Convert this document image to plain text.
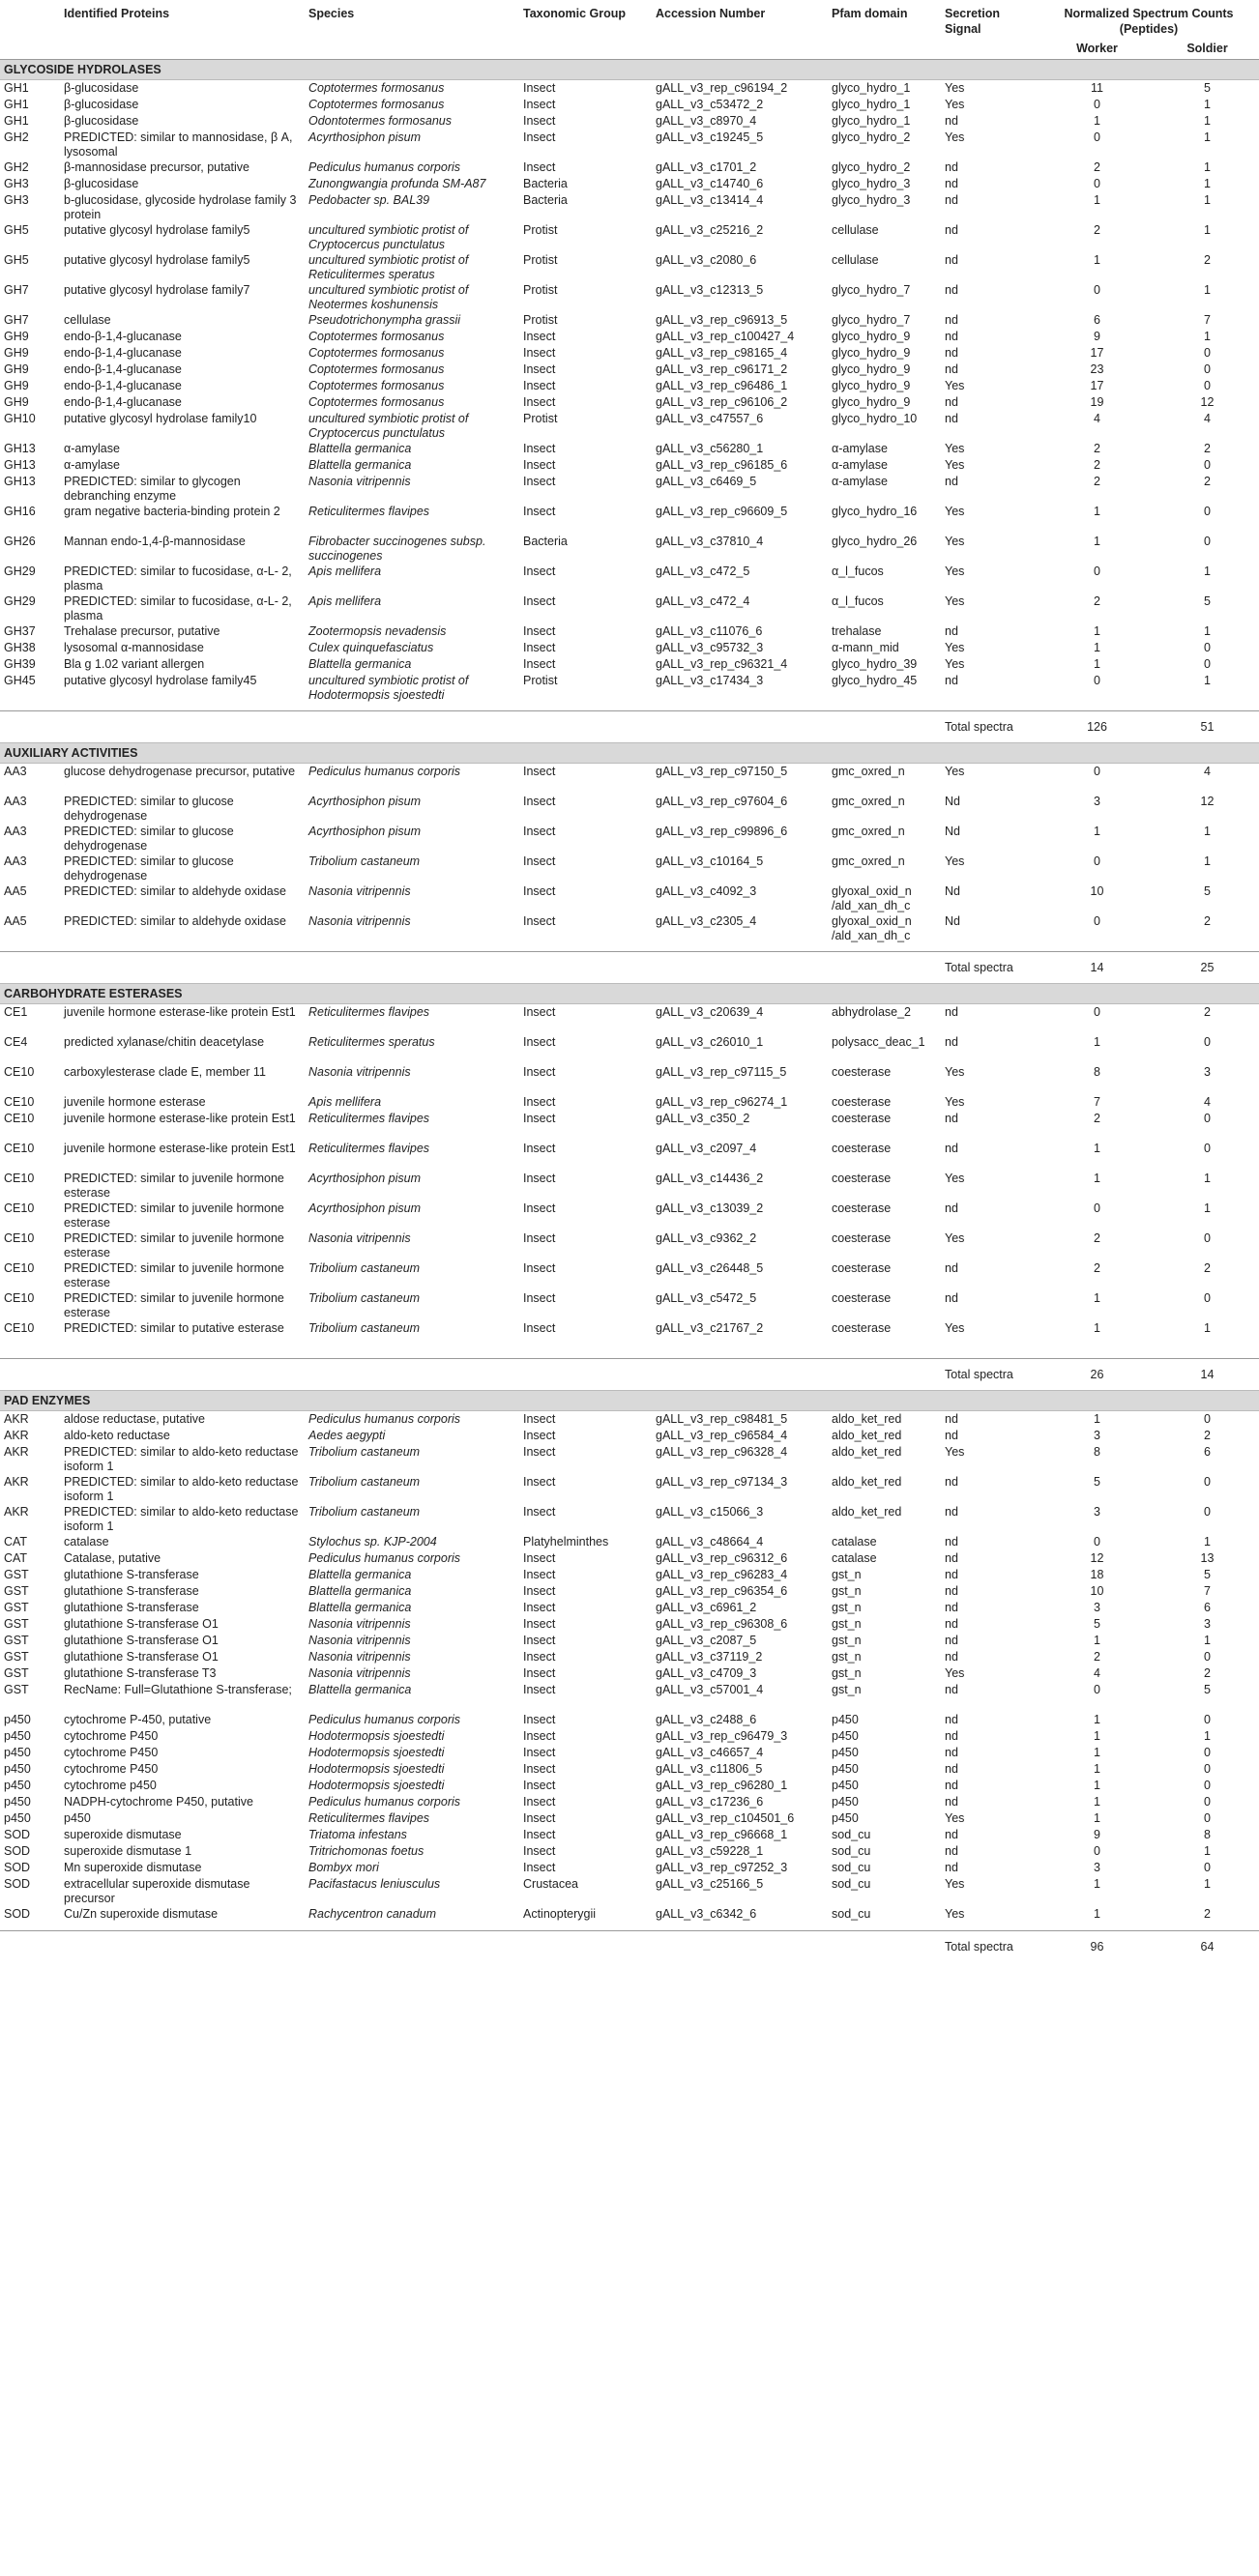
	Identified Proteins	Species	Taxonomic Group	Accession Number	Pfam domain	Secretion Signal	Normalized Spectrum Counts (Peptides)	
							Worker	Soldier
GLYCOSIDE HYDROLASES								
GH1	β-glucosidase	Coptotermes formosanus	Insect	gALL_v3_rep_c96194_2	glyco_hydro_1	Yes	11	5
GH1	β-glucosidase	Coptotermes formosanus	Insect	gALL_v3_c53472_2	glyco_hydro_1	Yes	0	1
GH1	β-glucosidase	Odontotermes formosanus	Insect	gALL_v3_c8970_4	glyco_hydro_1	nd	1	1
GH2	PREDICTED: similar to mannosidase, β A, lysosomal	Acyrthosiphon pisum	Insect	gALL_v3_c19245_5	glyco_hydro_2	Yes	0	1
GH2	β-mannosidase precursor, putative	Pediculus humanus corporis	Insect	gALL_v3_c1701_2	glyco_hydro_2	nd	2	1
GH3	β-glucosidase	Zunongwangia profunda SM-A87	Bacteria	gALL_v3_c14740_6	glyco_hydro_3	nd	0	1
GH3	b-glucosidase, glycoside hydrolase family 3 protein	Pedobacter sp. BAL39	Bacteria	gALL_v3_c13414_4	glyco_hydro_3	nd	1	1
GH5	putative glycosyl hydrolase family5	uncultured symbiotic protist of Cryptocercus punctulatus	Protist	gALL_v3_c25216_2	cellulase	nd	2	1
GH5	putative glycosyl hydrolase family5	uncultured symbiotic protist of Reticulitermes speratus	Protist	gALL_v3_c2080_6	cellulase	nd	1	2
GH7	putative glycosyl hydrolase family7	uncultured symbiotic protist of Neotermes koshunensis	Protist	gALL_v3_c12313_5	glyco_hydro_7	nd	0	1
GH7	cellulase	Pseudotrichonympha grassii	Protist	gALL_v3_rep_c96913_5	glyco_hydro_7	nd	6	7
GH9	endo-β-1,4-glucanase	Coptotermes formosanus	Insect	gALL_v3_rep_c100427_4	glyco_hydro_9	nd	9	1
GH9	endo-β-1,4-glucanase	Coptotermes formosanus	Insect	gALL_v3_rep_c98165_4	glyco_hydro_9	nd	17	0
GH9	endo-β-1,4-glucanase	Coptotermes formosanus	Insect	gALL_v3_rep_c96171_2	glyco_hydro_9	nd	23	0
GH9	endo-β-1,4-glucanase	Coptotermes formosanus	Insect	gALL_v3_rep_c96486_1	glyco_hydro_9	Yes	17	0
GH9	endo-β-1,4-glucanase	Coptotermes formosanus	Insect	gALL_v3_rep_c96106_2	glyco_hydro_9	nd	19	12
GH10	putative glycosyl hydrolase family10	uncultured symbiotic protist of Cryptocercus punctulatus	Protist	gALL_v3_c47557_6	glyco_hydro_10	nd	4	4
GH13	α-amylase	Blattella germanica	Insect	gALL_v3_c56280_1	α-amylase	Yes	2	2
GH13	α-amylase	Blattella germanica	Insect	gALL_v3_rep_c96185_6	α-amylase	Yes	2	0
GH13	PREDICTED: similar to glycogen debranching enzyme	Nasonia vitripennis	Insect	gALL_v3_c6469_5	α-amylase	nd	2	2
GH16	gram negative bacteria-binding protein 2	Reticulitermes flavipes	Insect	gALL_v3_rep_c96609_5	glyco_hydro_16	Yes	1	0
GH26	Mannan endo-1,4-β-mannosidase	Fibrobacter succinogenes subsp. succinogenes	Bacteria	gALL_v3_c37810_4	glyco_hydro_26	Yes	1	0
GH29	PREDICTED: similar to fucosidase, α-L- 2, plasma	Apis mellifera	Insect	gALL_v3_c472_5	α_l_fucos	Yes	0	1
GH29	PREDICTED: similar to fucosidase, α-L- 2, plasma	Apis mellifera	Insect	gALL_v3_c472_4	α_l_fucos	Yes	2	5
GH37	Trehalase precursor, putative	Zootermopsis nevadensis	Insect	gALL_v3_c11076_6	trehalase	nd	1	1
GH38	lysosomal α-mannosidase	Culex quinquefasciatus	Insect	gALL_v3_c95732_3	α-mann_mid	Yes	1	0
GH39	Bla g 1.02 variant allergen	Blattella germanica	Insect	gALL_v3_rep_c96321_4	glyco_hydro_39	Yes	1	0
GH45	putative glycosyl hydrolase family45	uncultured symbiotic protist of Hodotermopsis sjoestedti	Protist	gALL_v3_c17434_3	glyco_hydro_45	nd	0	1

						Total spectra	126	51
AUXILIARY ACTIVITIES								
AA3	glucose dehydrogenase precursor, putative	Pediculus humanus corporis	Insect	gALL_v3_rep_c97150_5	gmc_oxred_n	Yes	0	4
AA3	PREDICTED: similar to glucose dehydrogenase	Acyrthosiphon pisum	Insect	gALL_v3_rep_c97604_6	gmc_oxred_n	Nd	3	12
AA3	PREDICTED: similar to glucose dehydrogenase	Acyrthosiphon pisum	Insect	gALL_v3_rep_c99896_6	gmc_oxred_n	Nd	1	1
AA3	PREDICTED: similar to glucose dehydrogenase	Tribolium castaneum	Insect	gALL_v3_c10164_5	gmc_oxred_n	Yes	0	1
AA5	PREDICTED: similar to aldehyde oxidase	Nasonia vitripennis	Insect	gALL_v3_c4092_3	glyoxal_oxid_n /ald_xan_dh_c	Nd	10	5
AA5	PREDICTED: similar to aldehyde oxidase	Nasonia vitripennis	Insect	gALL_v3_c2305_4	glyoxal_oxid_n /ald_xan_dh_c	Nd	0	2

						Total spectra	14	25
CARBOHYDRATE ESTERASES								
CE1	juvenile hormone esterase-like protein Est1	Reticulitermes flavipes	Insect	gALL_v3_c20639_4	abhydrolase_2	nd	0	2
CE4	predicted xylanase/chitin deacetylase	Reticulitermes speratus	Insect	gALL_v3_c26010_1	polysacc_deac_1	nd	1	0
CE10	carboxylesterase clade E, member 11	Nasonia vitripennis	Insect	gALL_v3_rep_c97115_5	coesterase	Yes	8	3
CE10	juvenile hormone esterase	Apis mellifera	Insect	gALL_v3_rep_c96274_1	coesterase	Yes	7	4
CE10	juvenile hormone esterase-like protein Est1	Reticulitermes flavipes	Insect	gALL_v3_c350_2	coesterase	nd	2	0
CE10	juvenile hormone esterase-like protein Est1	Reticulitermes flavipes	Insect	gALL_v3_c2097_4	coesterase	nd	1	0
CE10	PREDICTED: similar to juvenile hormone esterase	Acyrthosiphon pisum	Insect	gALL_v3_c14436_2	coesterase	Yes	1	1
CE10	PREDICTED: similar to juvenile hormone esterase	Acyrthosiphon pisum	Insect	gALL_v3_c13039_2	coesterase	nd	0	1
CE10	PREDICTED: similar to juvenile hormone esterase	Nasonia vitripennis	Insect	gALL_v3_c9362_2	coesterase	Yes	2	0
CE10	PREDICTED: similar to juvenile hormone esterase	Tribolium castaneum	Insect	gALL_v3_c26448_5	coesterase	nd	2	2
CE10	PREDICTED: similar to juvenile hormone esterase	Tribolium castaneum	Insect	gALL_v3_c5472_5	coesterase	nd	1	0
CE10	PREDICTED: similar to putative esterase	Tribolium castaneum	Insect	gALL_v3_c21767_2	coesterase	Yes	1	1

						Total spectra	26	14
PAD ENZYMES								
AKR	aldose reductase, putative	Pediculus humanus corporis	Insect	gALL_v3_rep_c98481_5	aldo_ket_red	nd	1	0
AKR	aldo-keto reductase	Aedes aegypti	Insect	gALL_v3_rep_c96584_4	aldo_ket_red	nd	3	2
AKR	PREDICTED: similar to aldo-keto reductase isoform 1	Tribolium castaneum	Insect	gALL_v3_rep_c96328_4	aldo_ket_red	Yes	8	6
AKR	PREDICTED: similar to aldo-keto reductase isoform 1	Tribolium castaneum	Insect	gALL_v3_rep_c97134_3	aldo_ket_red	nd	5	0
AKR	PREDICTED: similar to aldo-keto reductase isoform 1	Tribolium castaneum	Insect	gALL_v3_c15066_3	aldo_ket_red	nd	3	0
CAT	catalase	Stylochus sp. KJP-2004	Platyhelminthes	gALL_v3_c48664_4	catalase	nd	0	1
CAT	Catalase, putative	Pediculus humanus corporis	Insect	gALL_v3_rep_c96312_6	catalase	nd	12	13
GST	glutathione S-transferase	Blattella germanica	Insect	gALL_v3_rep_c96283_4	gst_n	nd	18	5
GST	glutathione S-transferase	Blattella germanica	Insect	gALL_v3_rep_c96354_6	gst_n	nd	10	7
GST	glutathione S-transferase	Blattella germanica	Insect	gALL_v3_c6961_2	gst_n	nd	3	6
GST	glutathione S-transferase O1	Nasonia vitripennis	Insect	gALL_v3_rep_c96308_6	gst_n	nd	5	3
GST	glutathione S-transferase O1	Nasonia vitripennis	Insect	gALL_v3_c2087_5	gst_n	nd	1	1
GST	glutathione S-transferase O1	Nasonia vitripennis	Insect	gALL_v3_c37119_2	gst_n	nd	2	0
GST	glutathione S-transferase T3	Nasonia vitripennis	Insect	gALL_v3_c4709_3	gst_n	Yes	4	2
GST	RecName: Full=Glutathione S-transferase;	Blattella germanica	Insect	gALL_v3_c57001_4	gst_n	nd	0	5
p450	cytochrome P-450, putative	Pediculus humanus corporis	Insect	gALL_v3_c2488_6	p450	nd	1	0
p450	cytochrome P450	Hodotermopsis sjoestedti	Insect	gALL_v3_rep_c96479_3	p450	nd	1	1
p450	cytochrome P450	Hodotermopsis sjoestedti	Insect	gALL_v3_c46657_4	p450	nd	1	0
p450	cytochrome P450	Hodotermopsis sjoestedti	Insect	gALL_v3_c11806_5	p450	nd	1	0
p450	cytochrome p450	Hodotermopsis sjoestedti	Insect	gALL_v3_rep_c96280_1	p450	nd	1	0
p450	NADPH-cytochrome P450, putative	Pediculus humanus corporis	Insect	gALL_v3_c17236_6	p450	nd	1	0
p450	p450	Reticulitermes flavipes	Insect	gALL_v3_rep_c104501_6	p450	Yes	1	0
SOD	superoxide dismutase	Triatoma infestans	Insect	gALL_v3_rep_c96668_1	sod_cu	nd	9	8
SOD	superoxide dismutase 1	Tritrichomonas foetus	Insect	gALL_v3_c59228_1	sod_cu	nd	0	1
SOD	Mn superoxide dismutase	Bombyx mori	Insect	gALL_v3_rep_c97252_3	sod_cu	nd	3	0
SOD	extracellular superoxide dismutase precursor	Pacifastacus leniusculus	Crustacea	gALL_v3_c25166_5	sod_cu	Yes	1	1
SOD	Cu/Zn superoxide dismutase	Rachycentron canadum	Actinopterygii	gALL_v3_c6342_6	sod_cu	Yes	1	2

						Total spectra	96	64
